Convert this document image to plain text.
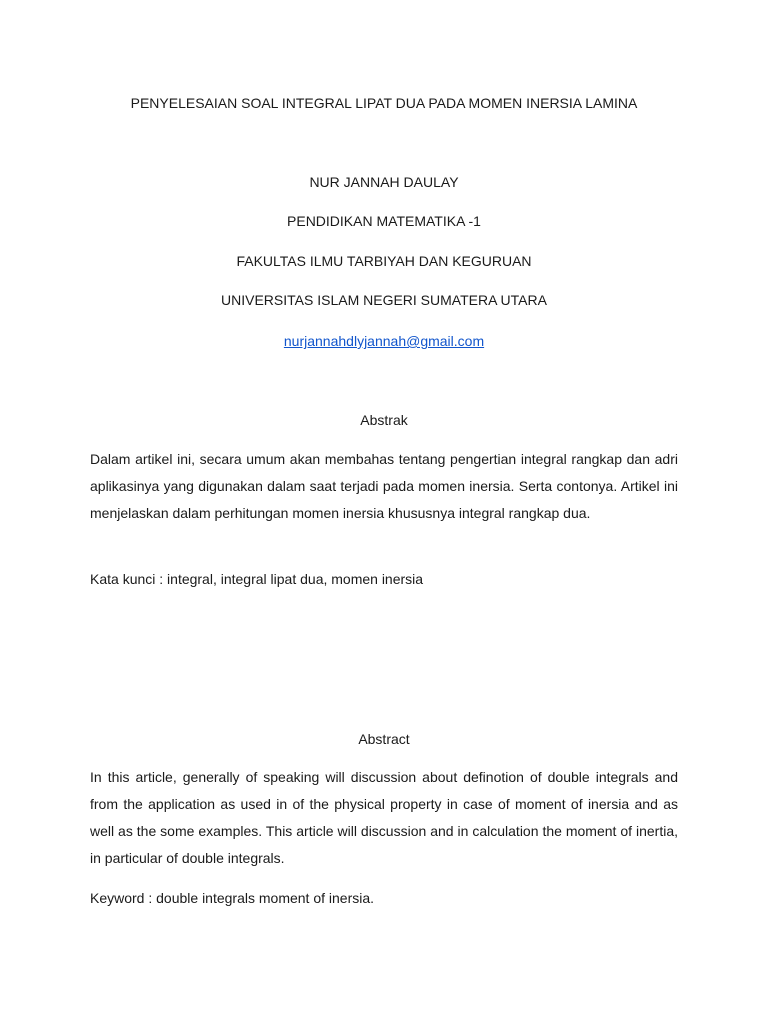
PENYELESAIAN SOAL INTEGRAL LIPAT DUA PADA MOMEN INERSIA LAMINA
NUR JANNAH DAULAY
PENDIDIKAN MATEMATIKA -1
FAKULTAS ILMU TARBIYAH DAN KEGURUAN
UNIVERSITAS ISLAM NEGERI SUMATERA UTARA
nurjannahdlyjannah@gmail.com
Abstrak
Dalam artikel ini, secara umum akan membahas tentang pengertian integral rangkap dan adri aplikasinya yang digunakan dalam saat terjadi pada momen inersia. Serta contonya. Artikel ini menjelaskan dalam perhitungan momen inersia khususnya integral rangkap dua.
Kata kunci : integral, integral lipat dua, momen inersia
Abstract
In this article, generally of speaking will discussion about definotion of double integrals and from the application as used in of the physical property in case of moment of inersia and as well as the some examples. This article will discussion and in calculation the moment of inertia, in particular of double integrals.
Keyword : double integrals moment of inersia.
